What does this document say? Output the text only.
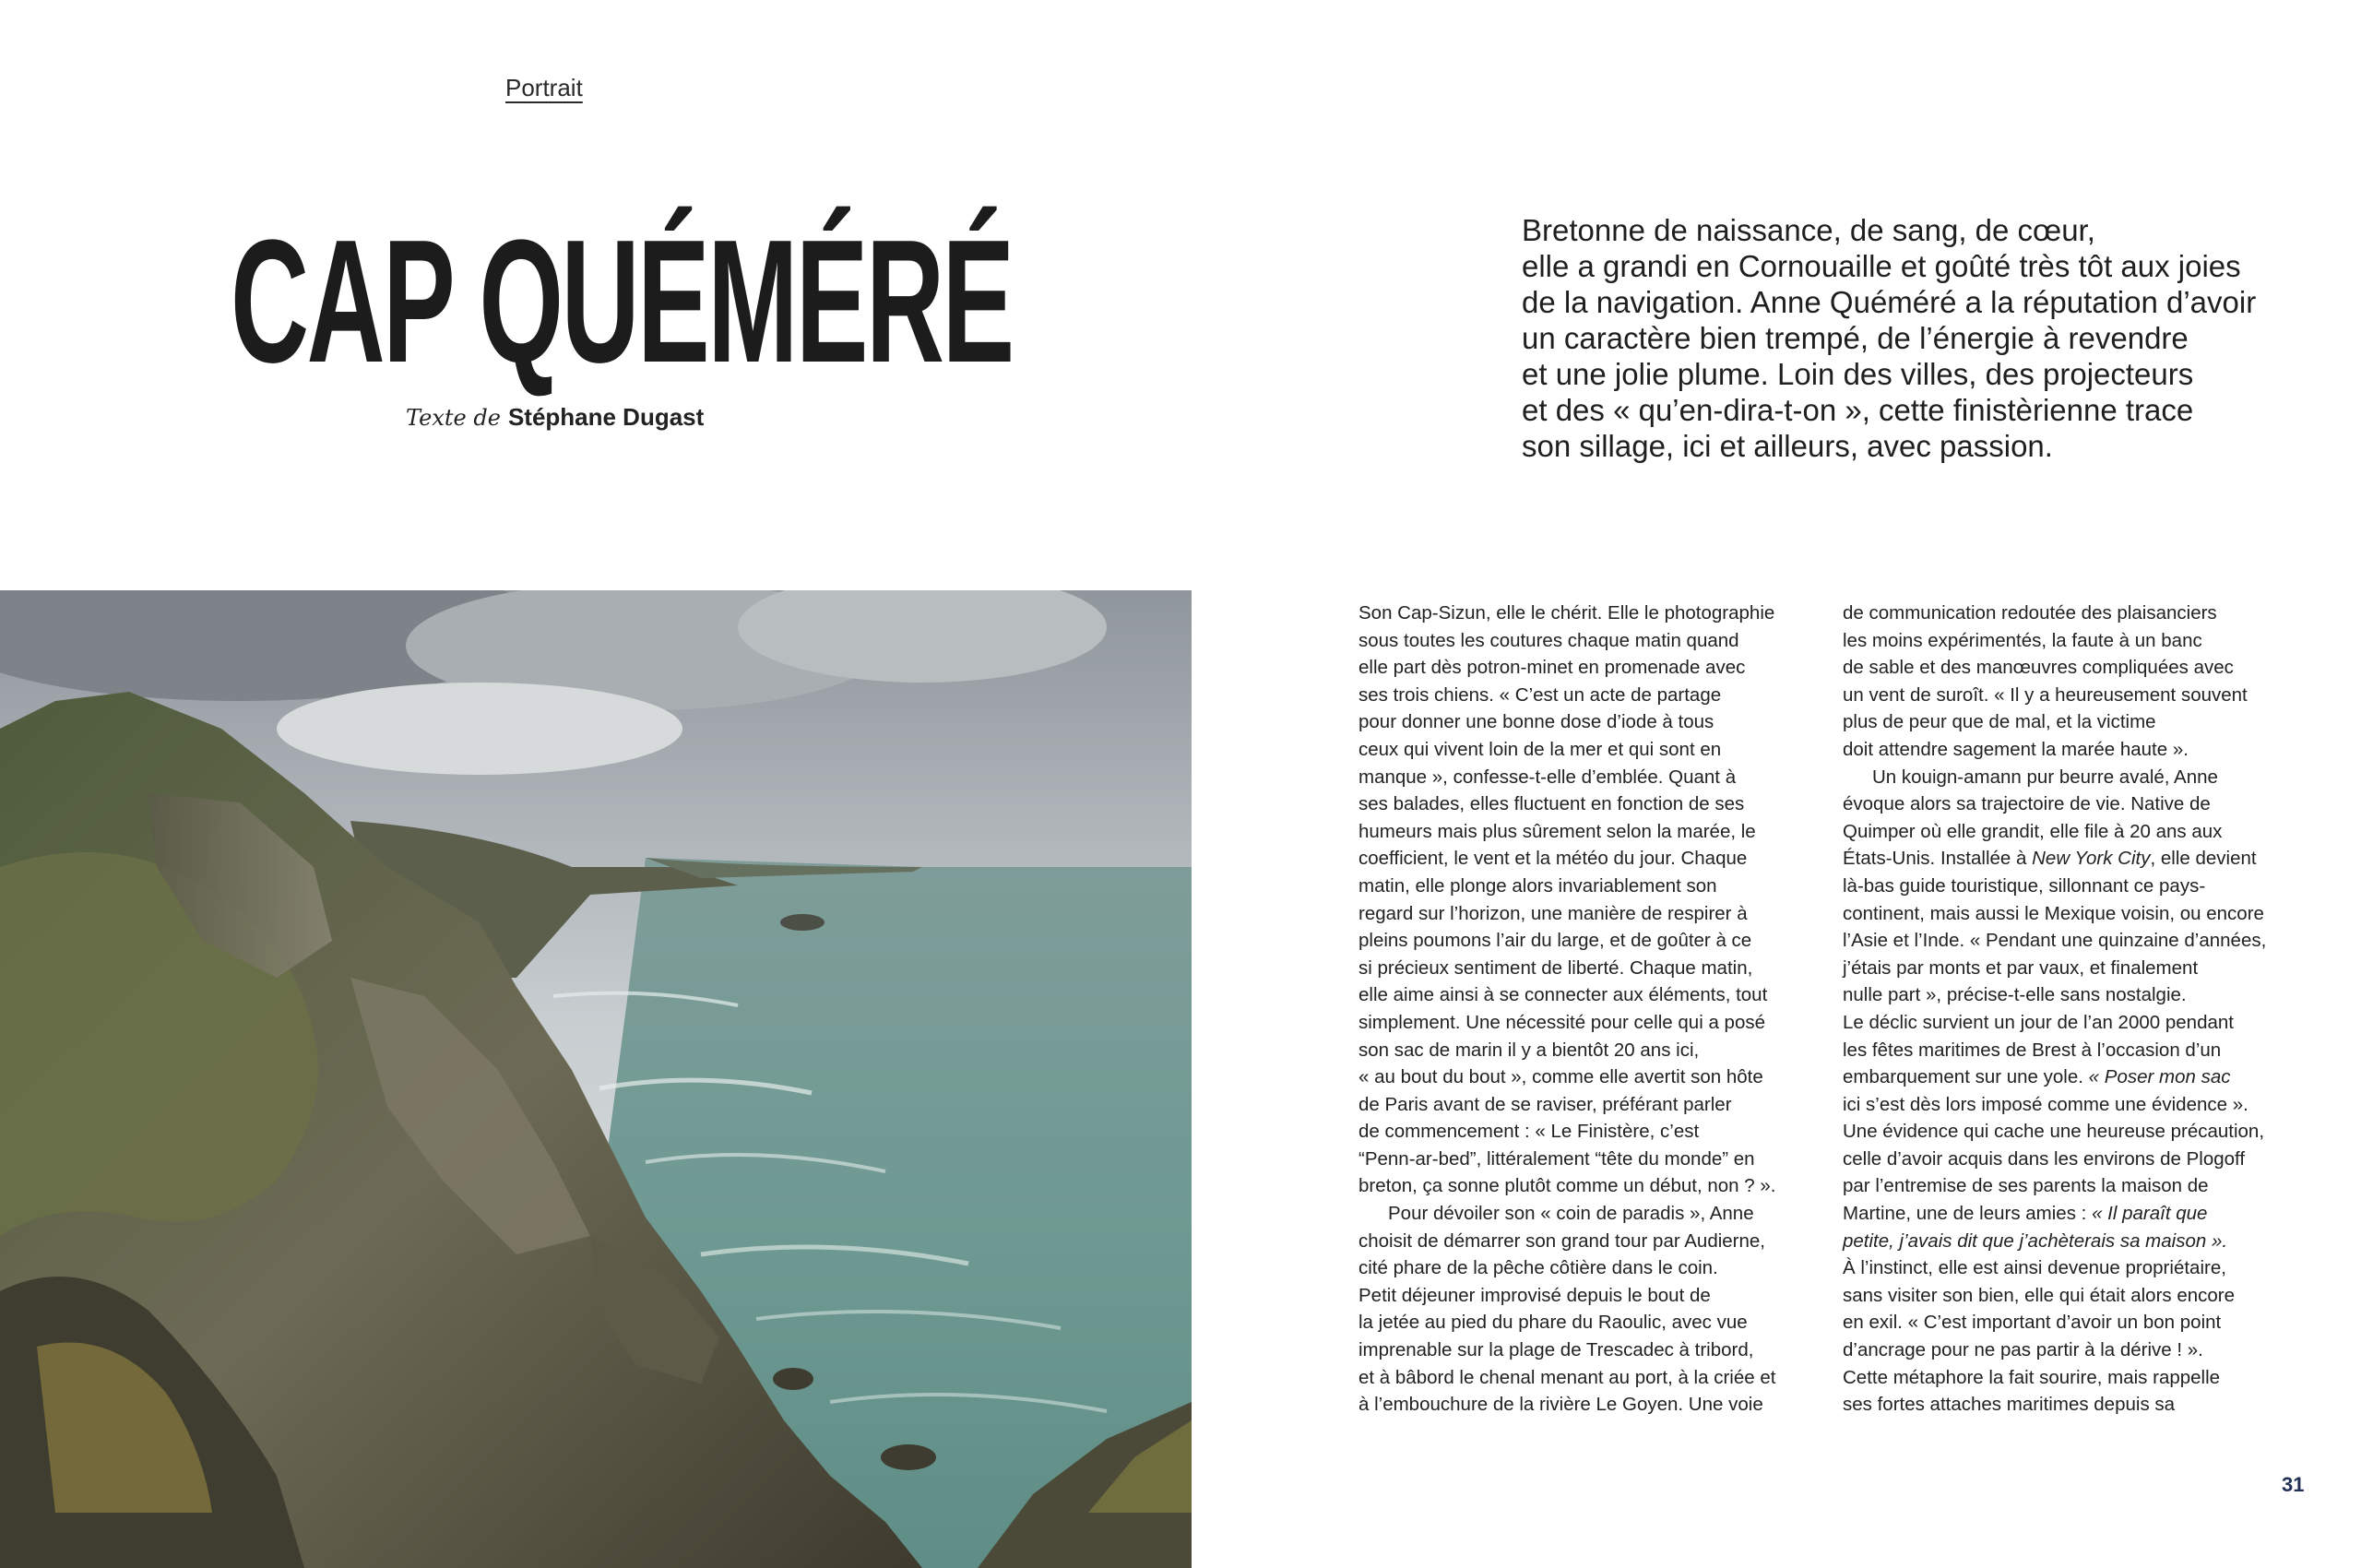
Portrait
CAP QUÉMÉRÉ
Texte de Stéphane Dugast
Bretonne de naissance, de sang, de cœur,
elle a grandi en Cornouaille et goûté très tôt aux joies
de la navigation. Anne Quéméré a la réputation d’avoir
un caractère bien trempé, de l’énergie à revendre
et une jolie plume. Loin des villes, des projecteurs
et des « qu’en-dira-t-on », cette finistèrienne trace
son sillage, ici et ailleurs, avec passion.
Son Cap-Sizun, elle le chérit. Elle le photographie
sous toutes les coutures chaque matin quand
elle part dès potron-minet en promenade avec
ses trois chiens. « C’est un acte de partage
pour donner une bonne dose d’iode à tous
ceux qui vivent loin de la mer et qui sont en
manque », confesse-t-elle d’emblée. Quant à
ses balades, elles fluctuent en fonction de ses
humeurs mais plus sûrement selon la marée, le
coefficient, le vent et la météo du jour. Chaque
matin, elle plonge alors invariablement son
regard sur l’horizon, une manière de respirer à
pleins poumons l’air du large, et de goûter à ce
si précieux sentiment de liberté. Chaque matin,
elle aime ainsi à se connecter aux éléments, tout
simplement. Une nécessité pour celle qui a posé
son sac de marin il y a bientôt 20 ans ici,
« au bout du bout », comme elle avertit son hôte
de Paris avant de se raviser, préférant parler
de commencement : « Le Finistère, c’est
“Penn-ar-bed”, littéralement “tête du monde” en
breton, ça sonne plutôt comme un début, non ? ».
Pour dévoiler son « coin de paradis », Anne
choisit de démarrer son grand tour par Audierne,
cité phare de la pêche côtière dans le coin.
Petit déjeuner improvisé depuis le bout de
la jetée au pied du phare du Raoulic, avec vue
imprenable sur la plage de Trescadec à tribord,
et à bâbord le chenal menant au port, à la criée et
à l’embouchure de la rivière Le Goyen. Une voie
de communication redoutée des plaisanciers
les moins expérimentés, la faute à un banc
de sable et des manœuvres compliquées avec
un vent de suroît. « Il y a heureusement souvent
plus de peur que de mal, et la victime
doit attendre sagement la marée haute ».
Un kouign-amann pur beurre avalé, Anne
évoque alors sa trajectoire de vie. Native de
Quimper où elle grandit, elle file à 20 ans aux
États-Unis. Installée à New York City, elle devient
là-bas guide touristique, sillonnant ce pays-
continent, mais aussi le Mexique voisin, ou encore
l’Asie et l’Inde. « Pendant une quinzaine d’années,
j’étais par monts et par vaux, et finalement
nulle part », précise-t-elle sans nostalgie.
Le déclic survient un jour de l’an 2000 pendant
les fêtes maritimes de Brest à l’occasion d’un
embarquement sur une yole. « Poser mon sac
ici s’est dès lors imposé comme une évidence ».
Une évidence qui cache une heureuse précaution,
celle d’avoir acquis dans les environs de Plogoff
par l’entremise de ses parents la maison de
Martine, une de leurs amies : « Il paraît que
petite, j’avais dit que j’achèterais sa maison ».
À l’instinct, elle est ainsi devenue propriétaire,
sans visiter son bien, elle qui était alors encore
en exil. « C’est important d’avoir un bon point
d’ancrage pour ne pas partir à la dérive ! ».
Cette métaphore la fait sourire, mais rappelle
ses fortes attaches maritimes depuis sa
31
